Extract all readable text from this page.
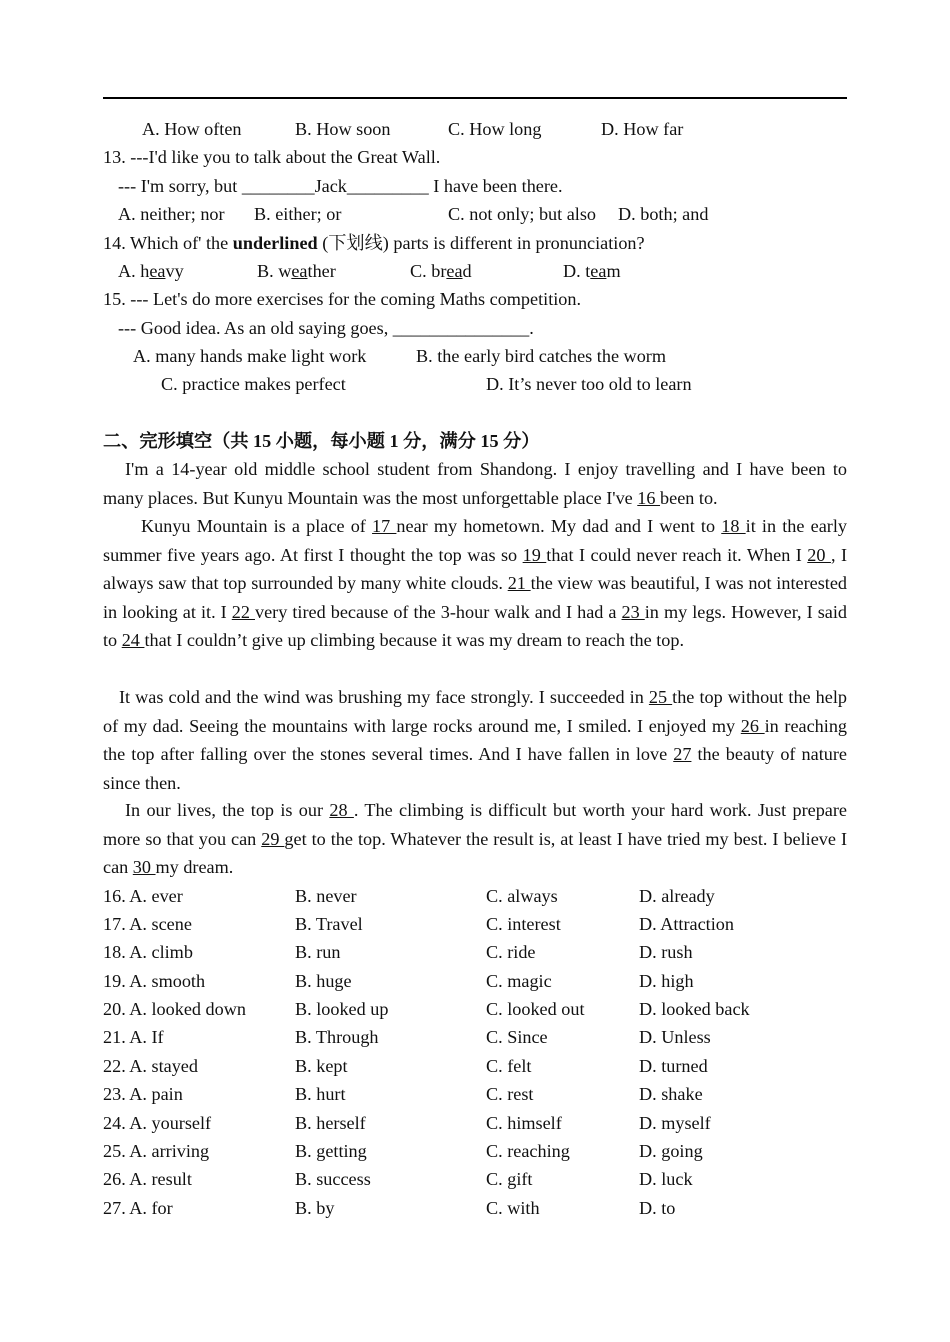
A. How often	B. How soon	C. How long	D. How far
13. ---I'd like you to talk about the Great Wall.
--- I'm sorry, but ________Jack_________ I have been there.
A. neither; nor B. either; or	C. not only; but also D. both; and
14. Which of' the underlined (下划线) parts is different in pronunciation?
A. heavy	B. weather	C. bread	D. team
15. --- Let's do more exercises for the coming Maths competition.
--- Good idea. As an old saying goes, _______________.
A. many hands make light work	B. the early bird catches the worm
C. practice makes perfect	D. It’s never too old to learn
二、完形填空（共 15 小题，每小题 1 分，满分 15 分）
I'm a 14-year old middle school student from Shandong. I enjoy travelling and I have been to many places. But Kunyu Mountain was the most unforgettable place I've 16 been to.
Kunyu Mountain is a place of 17 near my hometown. My dad and I went to 18 it in the early summer five years ago. At first I thought the top was so 19 that I could never reach it. When I 20 , I always saw that top surrounded by many white clouds. 21 the view was beautiful, I was not interested in looking at it. I 22 very tired because of the 3-hour walk and I had a 23 in my legs. However, I said to 24 that I couldn’t give up climbing because it was my dream to reach the top.
It was cold and the wind was brushing my face strongly. I succeeded in 25 the top without the help of my dad. Seeing the mountains with large rocks around me, I smiled. I enjoyed my 26 in reaching the top after falling over the stones several times. And I have fallen in love 27 the beauty of nature since then.
In our lives, the top is our 28 . The climbing is difficult but worth your hard work. Just prepare more so that you can 29 get to the top. Whatever the result is, at least I have tried my best. I believe I can 30 my dream.
16. A. ever	B. never	C. always	D. already
17. A. scene	B. Travel	C. interest	D. Attraction
18. A. climb	B. run	C. ride	D. rush
19. A. smooth	B. huge	C. magic	D. high
20. A. looked down	B. looked up	C. looked out	D. looked back
21. A. If	B. Through	C. Since	D. Unless
22. A. stayed	B. kept	C. felt	D. turned
23. A. pain	B. hurt	C. rest	D. shake
24. A. yourself	B. herself	C. himself	D. myself
25. A. arriving	B. getting	C. reaching	D. going
26. A. result	B. success	C. gift	D. luck
27. A. for	B. by	C. with	D. to
